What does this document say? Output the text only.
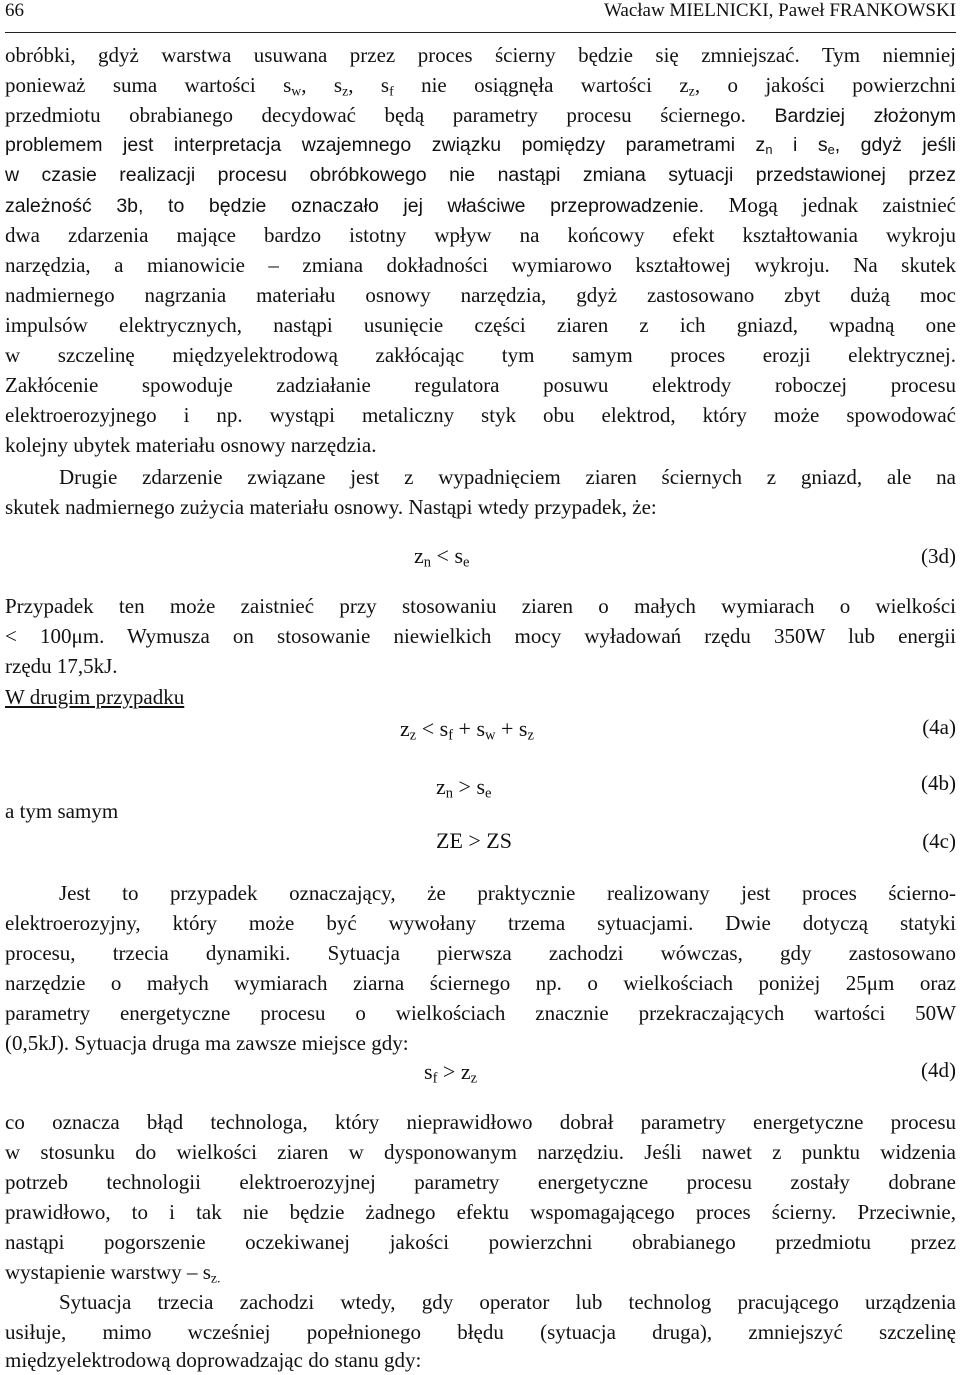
66	Wacław MIELNICKI, Paweł FRANKOWSKI
obróbki, gdyż warstwa usuwana przez proces ścierny będzie się zmniejszać. Tym niemniej
ponieważ suma wartości $s_w$, $s_z$, $s_f$ nie osiągnęła wartości $z_z$, o jakości powierzchni
przedmiotu obrabianego decydować będą parametry procesu ściernego. Bardziej złożonym
problemem jest interpretacja wzajemnego związku pomiędzy parametrami $z_n$ i $s_e$, gdyż jeśli
w czasie realizacji procesu obróbkowego nie nastąpi zmiana sytuacji przedstawionej przez
zależność 3b, to będzie oznaczało jej właściwe przeprowadzenie. Mogą jednak zaistnieć
dwa zdarzenia mające bardzo istotny wpływ na końcowy efekt kształtowania wykroju
narzędzia, a mianowicie – zmiana dokładności wymiarowo kształtowej wykroju. Na skutek
nadmiernego nagrzania materiału osnowy narzędzia, gdyż zastosowano zbyt dużą moc
impulsów elektrycznych, nastąpi usunięcie części ziaren z ich gniazd, wpadną one
w szczelinę międzyelektrodową zakłócając tym samym proces erozji elektrycznej.
Zakłócenie spowoduje zadziałanie regulatora posuwu elektrody roboczej procesu
elektroerozyjnego i np. wystąpi metaliczny styk obu elektrod, który może spowodować
kolejny ubytek materiału osnowy narzędzia.
Drugie zdarzenie związane jest z wypadnięciem ziaren ściernych z gniazd, ale na
skutek nadmiernego zużycia materiału osnowy. Nastąpi wtedy przypadek, że:
$z_n < s_e$	(3d)
Przypadek ten może zaistnieć przy stosowaniu ziaren o małych wymiarach o wielkości
< 100μm. Wymusza on stosowanie niewielkich mocy wyładowań rzędu 350W lub energii
rzędu 17,5kJ.
W drugim przypadku
$z_z < s_f + s_w + s_z$	(4a)
$z_n > s_e$	(4b)
a tym samym
ZE > ZS	(4c)
Jest to przypadek oznaczający, że praktycznie realizowany jest proces ścierno-
elektroerozyjny, który może być wywołany trzema sytuacjami. Dwie dotyczą statyki
procesu, trzecia dynamiki. Sytuacja pierwsza zachodzi wówczas, gdy zastosowano
narzędzie o małych wymiarach ziarna ściernego np. o wielkościach poniżej 25μm oraz
parametry energetyczne procesu o wielkościach znacznie przekraczających wartości 50W
(0,5kJ). Sytuacja druga ma zawsze miejsce gdy:
$s_f > z_z$	(4d)
co oznacza błąd technologa, który nieprawidłowo dobrał parametry energetyczne procesu
w stosunku do wielkości ziaren w dysponowanym narzędziu. Jeśli nawet z punktu widzenia
potrzeb technologii elektroerozyjnej parametry energetyczne procesu zostały dobrane
prawidłowo, to i tak nie będzie żadnego efektu wspomagającego proces ścierny. Przeciwnie,
nastąpi pogorszenie oczekiwanej jakości powierzchni obrabianego przedmiotu przez
wystapienie warstwy – $s_{z.}$
Sytuacja trzecia zachodzi wtedy, gdy operator lub technolog pracującego urządzenia
usiłuje, mimo wcześniej popełnionego błędu (sytuacja druga), zmniejszyć szczelinę
międzyelektrodową doprowadzając do stanu gdy:
